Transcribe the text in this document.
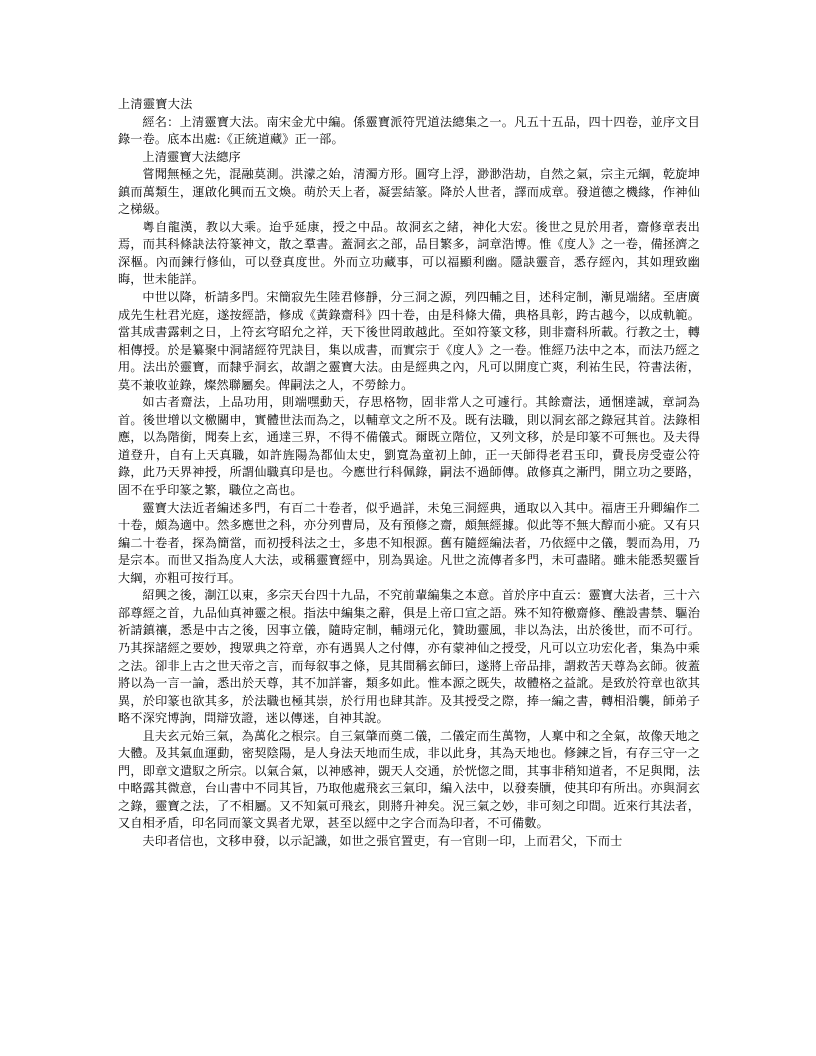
上清靈寶大法

經名：上清靈寶大法。南宋金尤中編。係靈寶派符咒道法總集之一。凡五十五品，四十四卷，並序文目錄一卷。底本出處:《正統道藏》正一部。

上清靈寶大法總序

嘗聞無極之先，混融莫測。洪濛之始，清濁方形。圓穹上浮，渺渺浩劫，自然之氣，宗主元綱，乾旋坤鎮而萬類生，運啟化興而五文煥。萌於天上者，凝雲結篆。降於人世者，譯而成章。發道德之機緣，作神仙之梯級。

粵自龍漢，教以大乘。迨乎延康，授之中品。故洞玄之緒，神化大宏。後世之見於用者，齋修章表出焉，而其科條訣法符篆神文，散之羣書。蓋洞玄之部，品目繁多，詞章浩博。惟《度人》之一卷，備拯濟之深樞。內而鍊行修仙，可以登真度世。外而立功藏事，可以福顯利幽。隱訣靈音，悉存經內，其如理致幽晦，世未能詳。

中世以降，析請多門。宋簡寂先生陸君修靜，分三洞之源，列四輔之目，述科定制，漸見端緒。至唐廣成先生杜君光庭，遂按經誥，修成《黃錄齋科》四十卷，由是科條大備，典格具彰，跨古越今，以成軌範。當其成書露剌之日，上符玄穹昭允之祥，天下後世罔敢越此。至如符篆文移，則非齋科所載。行教之士，轉相傳授。於是纂聚中洞諸經符咒訣目，集以成書，而實宗于《度人》之一卷。惟經乃法中之本，而法乃經之用。法出於靈寶，而隸乎洞玄，故謂之靈寶大法。由是經典之內，凡可以開度亡爽，利祐生民，符書法術，莫不兼收並錄，燦然聯屬矣。俾嗣法之人，不勞餘力。

如古者齋法，上品功用，則端嘿動天，存思格物，固非常人之可遽行。其餘齋法，通悃達誠，章詞為首。後世增以文檄關申，實體世法而為之，以輔章文之所不及。既有法職，則以洞玄部之錄冠其首。法錄相應，以為階銜，聞奏上玄，通達三界，不得不備儀式。爾既立階位，又列文移，於是印篆不可無也。及夫得道登升，自有上天真職，如許旌陽為都仙太史，劉寬為童初上帥，正一天師得老君玉印，費長房受壺公符錄，此乃天界神授，所謂仙職真印是也。今應世行科佩錄，嗣法不過師傳。啟修真之漸門，開立功之要路，固不在乎印篆之繁，職位之高也。

靈寶大法近者編述多門，有百二十卷者，似乎過詳，未兔三洞經典，通取以入其中。福唐王升卿編作二十卷，頗為適中。然多應世之科，亦分列曹局，及有預修之齋，頗無經據。似此等不無大醇而小疵。又有只編二十卷者，探為簡當，而初授科法之士，多患不知根源。舊有隨經編法者，乃依經中之儀，製而為用，乃是宗本。而世又指為度人大法，或稱靈寶經中，別為異途。凡世之流傳者多門，未可盡睹。雖未能悉契靈旨大綱，亦粗可按行耳。

紹興之後，淛江以東，多宗天台四十九品，不究前輩編集之本意。首於序中直云：靈寶大法者，三十六部尊經之首，九品仙真神靈之根。指法中編集之辭，俱是上帝口宣之語。殊不知符檄齋修、醮設書禁、驅治祈請鎮禳，悉是中古之後，因事立儀，隨時定制，輔翊元化，贊助靈風，非以為法，出於後世，而不可行。乃其探諸經之要妙，搜眾典之符章，亦有遇異人之付傳，亦有蒙神仙之授受，凡可以立功宏化者，集為中乘之法。卻非上古之世天帝之言，而每叙事之條，見其間稱玄師曰，遂將上帝品排，謂救苦天尊為玄師。彼蓋將以為一言一論，悉出於天尊，其不加詳審，類多如此。惟本源之既失，故體格之益訛。是致於符章也欲其異，於印篆也欲其多，於法職也極其崇，於行用也肆其詐。及其授受之際，捧一編之書，轉相沿襲，師弟子略不深究博詢，問辯攷證，迷以傳迷，自神其說。

且夫玄元始三氣，為萬化之根宗。自三氣肇而奠二儀，二儀定而生萬物，人稟中和之全氣，故像天地之大體。及其氣血運動，密契陰陽，是人身法天地而生成，非以此身，其為天地也。修鍊之旨，有存三守一之門，即章文遣馭之所宗。以氣合氣，以神感神，覬天人交通，於恍惚之間，其事非稍知道者，不足與聞，法中略露其微意，台山書中不同其旨，乃取他處飛玄三氣印，編入法中，以發奏牘，使其印有所出。亦與洞玄之錄，靈寶之法，了不相屬。又不知氣可飛玄，則將升神矣。況三氣之妙，非可刻之印間。近來行其法者，又自相矛盾，印名同而篆文異者尤眾，甚至以經中之字合而為印者，不可備數。

夫印者信也，文移申發，以示記識，如世之張官置吏，有一官則一印，上而君父，下而士
